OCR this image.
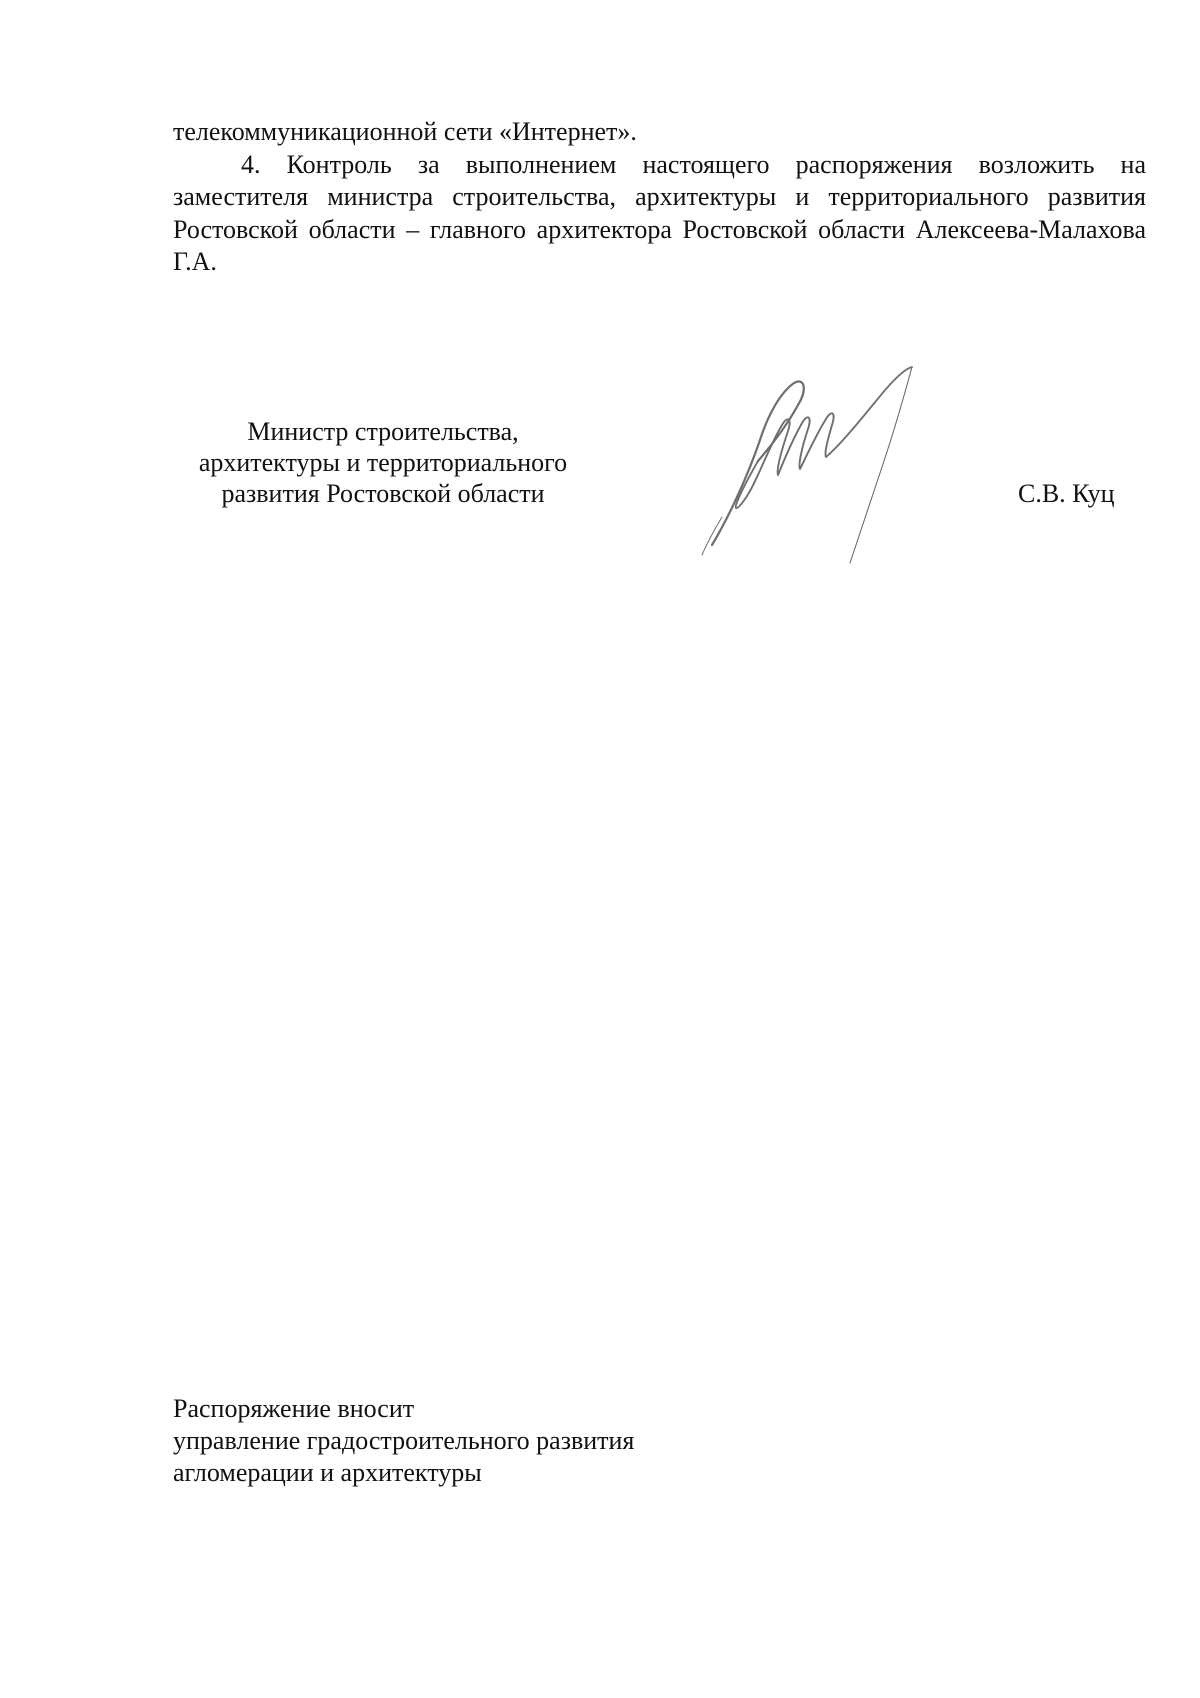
телекоммуникационной сети «Интернет».

4. Контроль за выполнением настоящего распоряжения возложить на заместителя министра строительства, архитектуры и территориального развития Ростовской области – главного архитектора Ростовской области Алексеева-Малахова Г.А.

Министр строительства,
архитектуры и территориального
развития Ростовской области	С.В. Куц
Распоряжение вносит
управление градостроительного развития
агломерации и архитектуры
